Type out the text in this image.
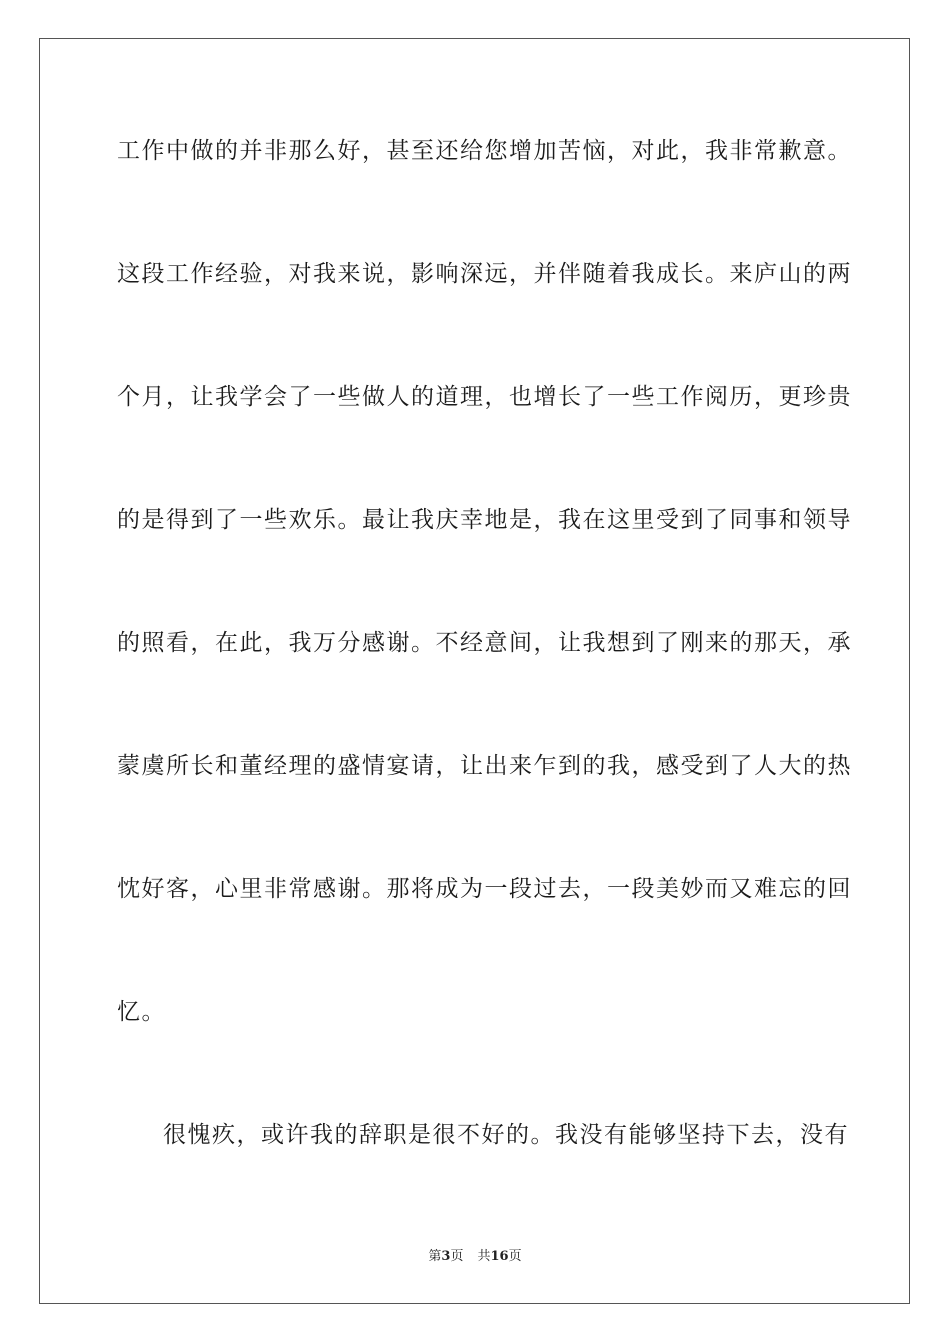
工作中做的并非那么好，甚至还给您增加苦恼，对此，我非常歉意。
这段工作经验，对我来说，影响深远，并伴随着我成长。来庐山的两
个月，让我学会了一些做人的道理，也增长了一些工作阅历，更珍贵
的是得到了一些欢乐。最让我庆幸地是，我在这里受到了同事和领导
的照看，在此，我万分感谢。不经意间，让我想到了刚来的那天，承
蒙虞所长和董经理的盛情宴请，让出来乍到的我，感受到了人大的热
忱好客，心里非常感谢。那将成为一段过去，一段美妙而又难忘的回
忆。
很愧疚，或许我的辞职是很不好的。我没有能够坚持下去，没有
第3页 共16页
